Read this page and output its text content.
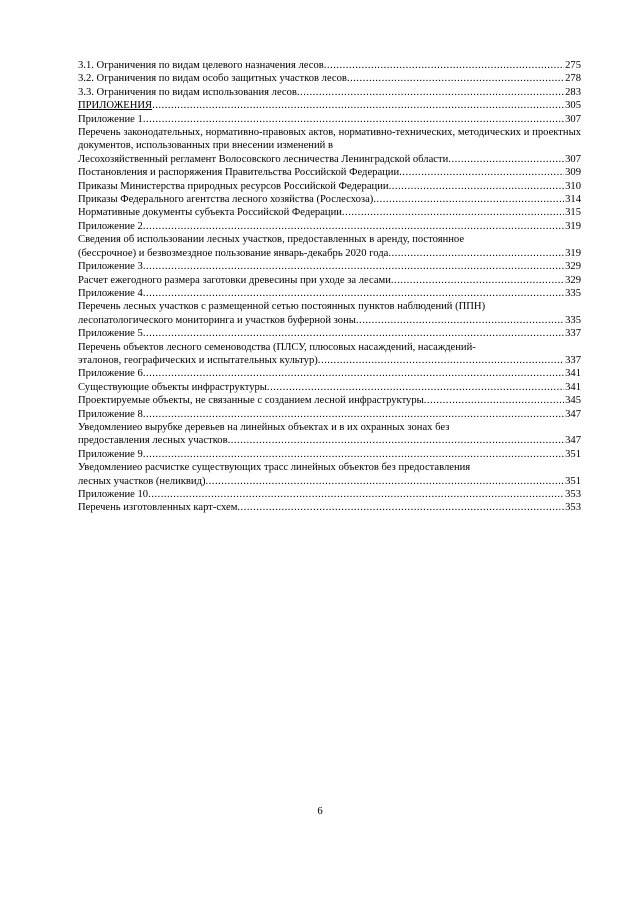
3.1. Ограничения по видам целевого назначения лесов .....	275
3.2. Ограничения по видам особо защитных участков лесов .....	278
3.3. Ограничения по видам использования лесов .....	283
ПРИЛОЖЕНИЯ .....	305
Приложение 1 .....	307
Перечень законодательных, нормативно-правовых актов, нормативно-технических, методических и проектных документов, использованных при внесении изменений в
Лесохозяйственный регламент Волосовского лесничества Ленинградской области .....	307
Постановления и распоряжения Правительства Российской Федерации .....	309
Приказы Министерства природных ресурсов Российской Федерации .....	310
Приказы Федерального агентства лесного хозяйства (Рослесхоза) .....	314
Нормативные документы субъекта Российской Федерации .....	315
Приложение 2 .....	319
Сведения об использовании лесных участков, предоставленных в аренду, постоянное
(бессрочное) и безвозмездное пользование январь-декабрь 2020 года .....	319
Приложение 3 .....	329
Расчет ежегодного размера заготовки древесины при уходе за лесами .....	329
Приложение 4 .....	335
Перечень лесных участков с размещенной сетью постоянных пунктов наблюдений (ППН)
лесопатологического мониторинга и участков буферной зоны .....	335
Приложение 5 .....	337
Перечень объектов лесного семеноводства (ПЛСУ, плюсовых насаждений, насаждений-
эталонов, географических и испытательных культур) .....	337
Приложение 6 .....	341
Существующие объекты инфраструктуры .....	341
Проектируемые объекты, не связанные с созданием лесной инфраструктуры .....	345
Приложение 8 .....	347
Уведомлениео вырубке деревьев на линейных объектах и в их охранных зонах без
предоставления лесных участков .....	347
Приложение 9 .....	351
Уведомлениео расчистке существующих трасс линейных объектов без предоставления
лесных участков (неликвид) .....	351
Приложение 10 .....	353
Перечень изготовленных карт-схем .....	353
6
